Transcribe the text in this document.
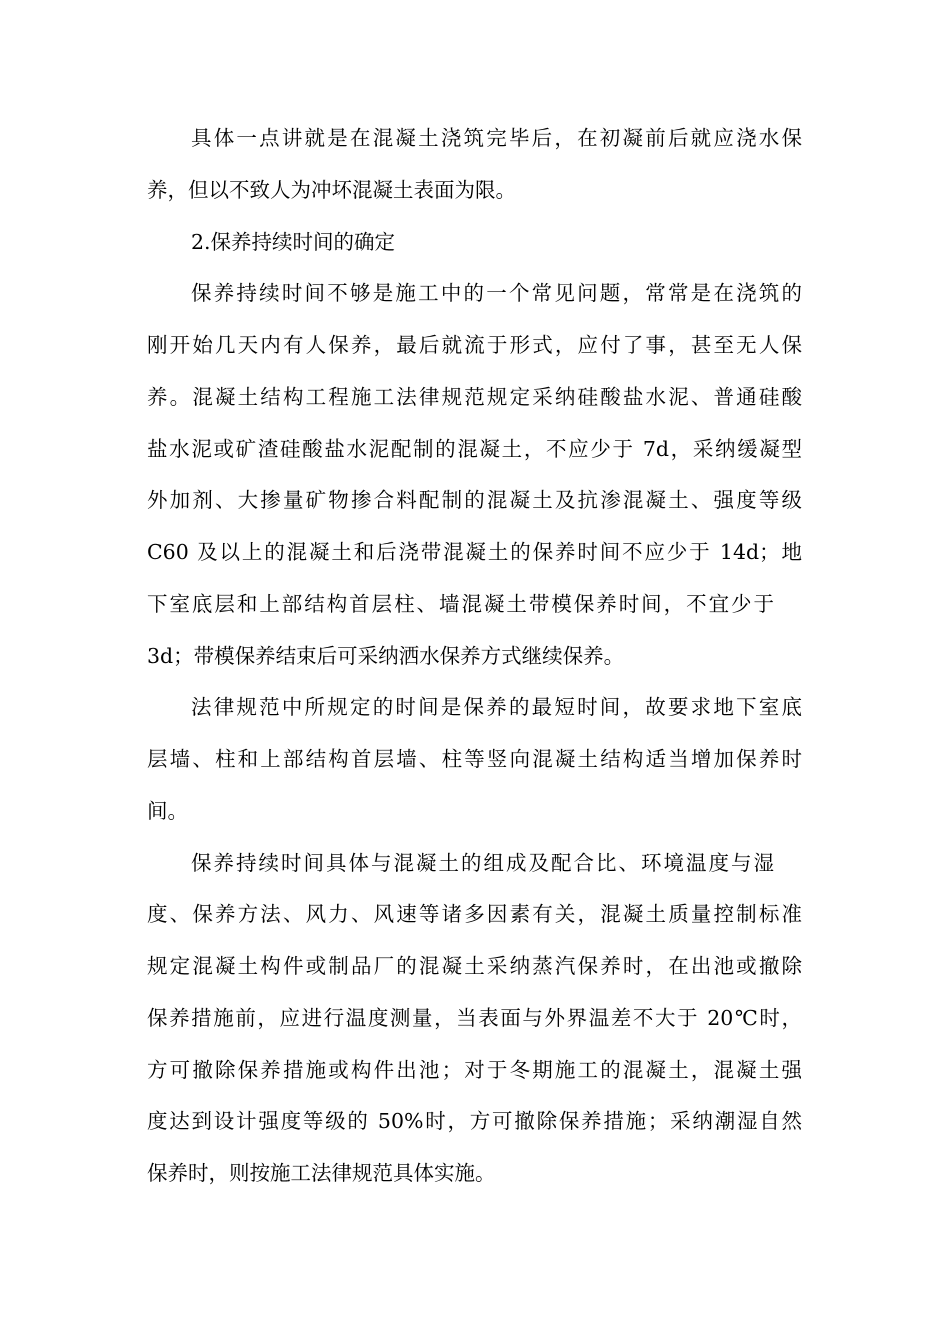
具体一点讲就是在混凝土浇筑完毕后，在初凝前后就应浇水保
养，但以不致人为冲坏混凝土表面为限。
2.保养持续时间的确定
保养持续时间不够是施工中的一个常见问题，常常是在浇筑的
刚开始几天内有人保养，最后就流于形式，应付了事，甚至无人保
养。混凝土结构工程施工法律规范规定采纳硅酸盐水泥、普通硅酸
盐水泥或矿渣硅酸盐水泥配制的混凝土，不应少于 7d，采纳缓凝型
外加剂、大掺量矿物掺合料配制的混凝土及抗渗混凝土、强度等级
C60 及以上的混凝土和后浇带混凝土的保养时间不应少于 14d；地
下室底层和上部结构首层柱、墙混凝土带模保养时间，不宜少于
3d；带模保养结束后可采纳洒水保养方式继续保养。
法律规范中所规定的时间是保养的最短时间，故要求地下室底
层墙、柱和上部结构首层墙、柱等竖向混凝土结构适当增加保养时
间。
保养持续时间具体与混凝土的组成及配合比、环境温度与湿
度、保养方法、风力、风速等诸多因素有关，混凝土质量控制标准
规定混凝土构件或制品厂的混凝土采纳蒸汽保养时，在出池或撤除
保养措施前，应进行温度测量，当表面与外界温差不大于 20℃时，
方可撤除保养措施或构件出池；对于冬期施工的混凝土，混凝土强
度达到设计强度等级的 50%时，方可撤除保养措施；采纳潮湿自然
保养时，则按施工法律规范具体实施。
